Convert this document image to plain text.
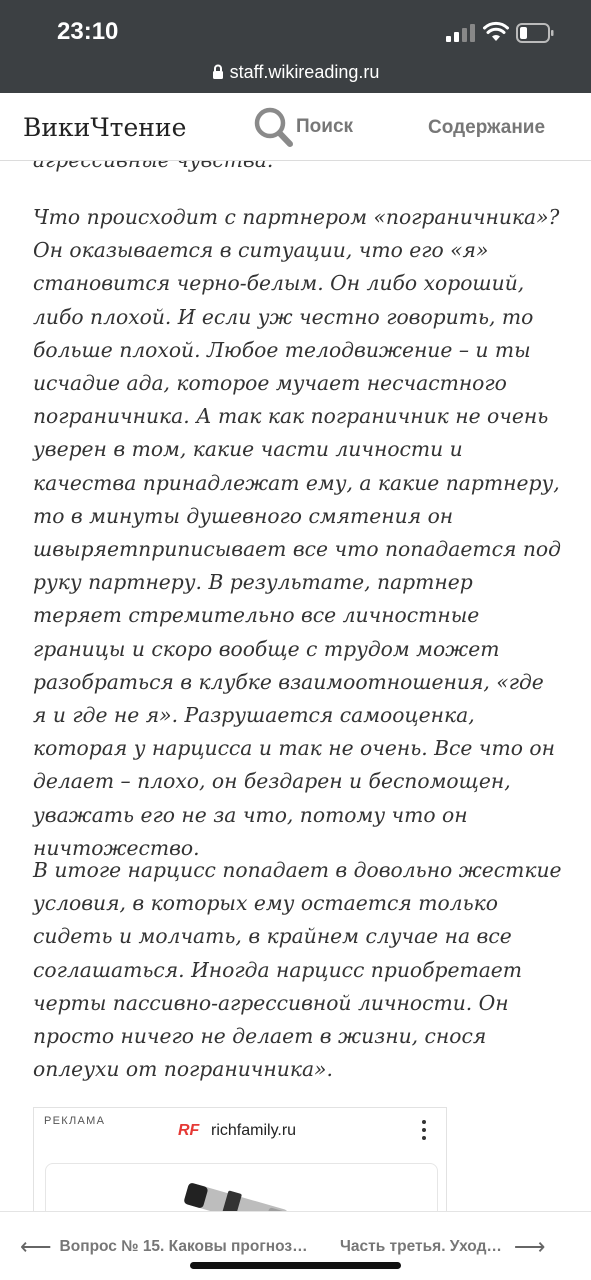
23:10
staff.wikireading.ru
ВикиЧтение	Поиск	Содержание

Что происходит с партнером «пограничника»? Он оказывается в ситуации, что его «я» становится черно-белым. Он либо хороший, либо плохой. И если уж честно говорить, то больше плохой. Любое телодвижение – и ты исчадие ада, которое мучает несчастного пограничника. А так как пограничник не очень уверен в том, какие части личности и качества принадлежат ему, а какие партнеру, то в минуты душевного смятения он швыряетприписывает все что попадается под руку партнеру. В результате, партнер теряет стремительно все личностные границы и скоро вообще с трудом может разобраться в клубке взаимоотношения, «где я и где не я». Разрушается самооценка, которая у нарцисса и так не очень. Все что он делает – плохо, он бездарен и беспомощен, уважать его не за что, потому что он ничтожество.

В итоге нарцисс попадает в довольно жесткие условия, в которых ему остается только сидеть и молчать, в крайнем случае на все соглашаться. Иногда нарцисс приобретает черты пассивно-агрессивной личности. Он просто ничего не делает в жизни, снося оплеухи от пограничника».

РЕКЛАМА
RF richfamily.ru
⟵ Вопрос № 15. Каковы прогноз… Часть третья. Уход… ⟶
